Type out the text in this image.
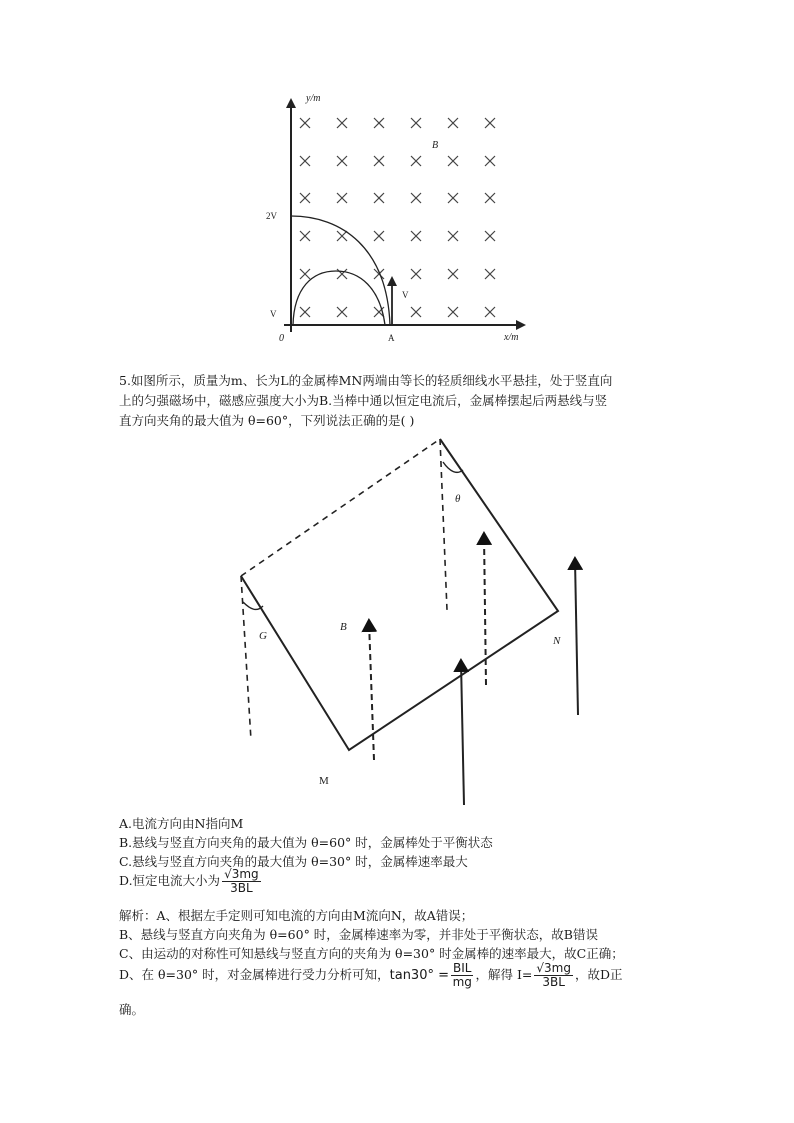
y/m
x/m
0
2V
V
A
B
V
5.如图所示，质量为m、长为L的金属棒MN两端由等长的轻质细线水平悬挂，处于竖直向
上的匀强磁场中，磁感应强度大小为B.当棒中通以恒定电流后，金属棒摆起后两悬线与竖
直方向夹角的最大值为 θ=60°，下列说法正确的是( )
θ
G
B
N
M
A.电流方向由N指向M
B.悬线与竖直方向夹角的最大值为 θ=60° 时，金属棒处于平衡状态
C.悬线与竖直方向夹角的最大值为 θ=30° 时，金属棒速率最大
D.恒定电流大小为 $\frac{√3mg}{3BL}$
解析：A、根据左手定则可知电流的方向由M流向N，故A错误；
B、悬线与竖直方向夹角为 θ=60° 时，金属棒速率为零，并非处于平衡状态，故B错误
C、由运动的对称性可知悬线与竖直方向的夹角为 θ=30° 时金属棒的速率最大，故C正确；
D、在 θ=30° 时，对金属棒进行受力分析可知，$\tan 30^\circ = \frac{\text{BIL}}{mg}$ ，解得 $I= \frac{√3mg}{3BL}$ ，故D正
确。
